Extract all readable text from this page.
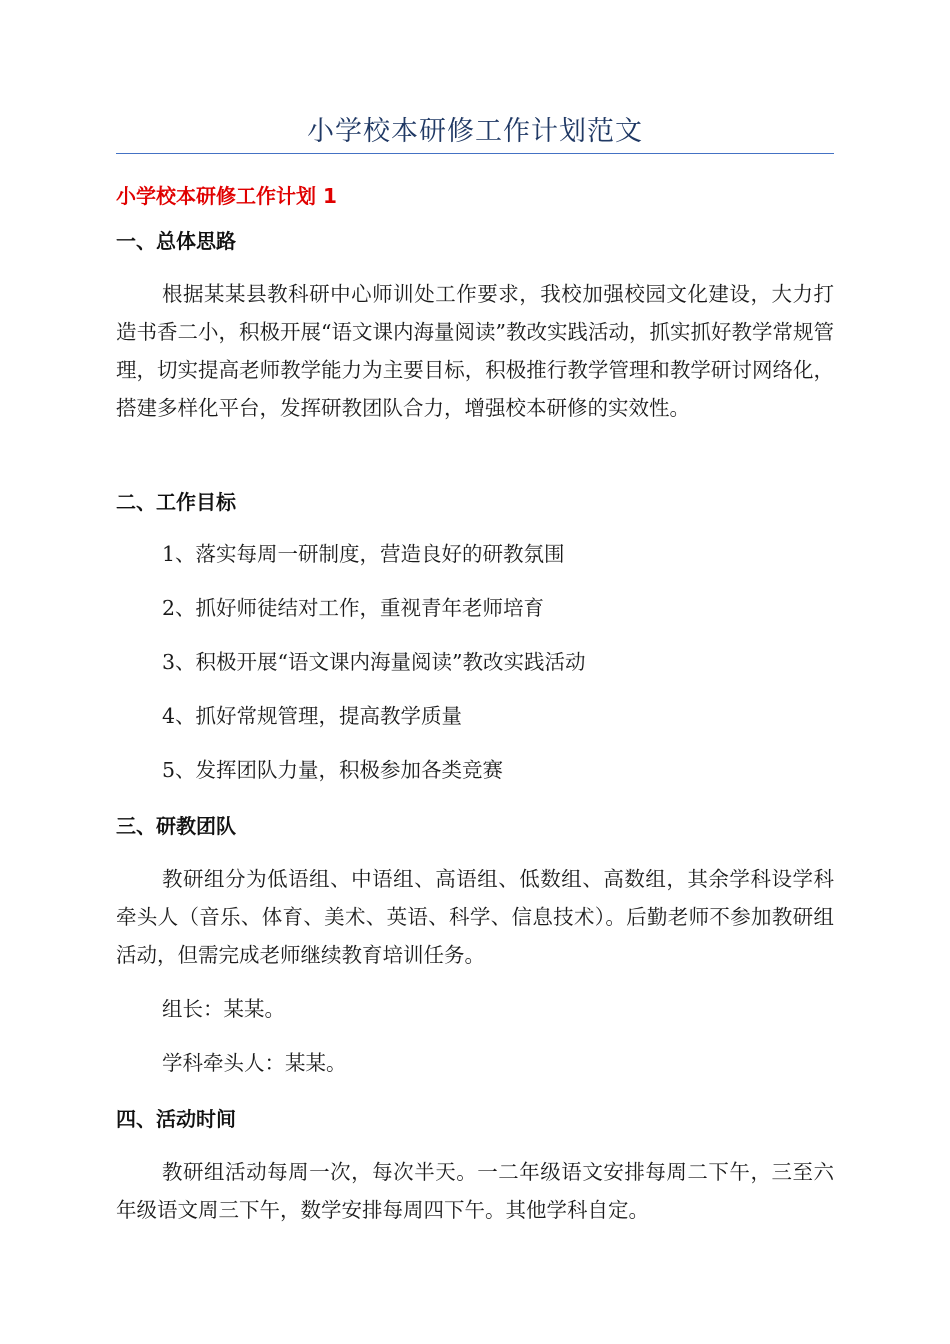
小学校本研修工作计划范文
小学校本研修工作计划 1
一、总体思路

根据某某县教科研中心师训处工作要求，我校加强校园文化建设，大力打造书香二小，积极开展“语文课内海量阅读”教改实践活动，抓实抓好教学常规管理，切实提高老师教学能力为主要目标，积极推行教学管理和教学研讨网络化，搭建多样化平台，发挥研教团队合力，增强校本研修的实效性。

二、工作目标

1、落实每周一研制度，营造良好的研教氛围

2、抓好师徒结对工作，重视青年老师培育

3、积极开展“语文课内海量阅读”教改实践活动

4、抓好常规管理，提高教学质量

5、发挥团队力量，积极参加各类竞赛

三、研教团队

教研组分为低语组、中语组、高语组、低数组、高数组，其余学科设学科牵头人（音乐、体育、美术、英语、科学、信息技术）。后勤老师不参加教研组活动，但需完成老师继续教育培训任务。

组长：某某。

学科牵头人：某某。

四、活动时间

教研组活动每周一次，每次半天。一二年级语文安排每周二下午，三至六年级语文周三下午，数学安排每周四下午。其他学科自定。
